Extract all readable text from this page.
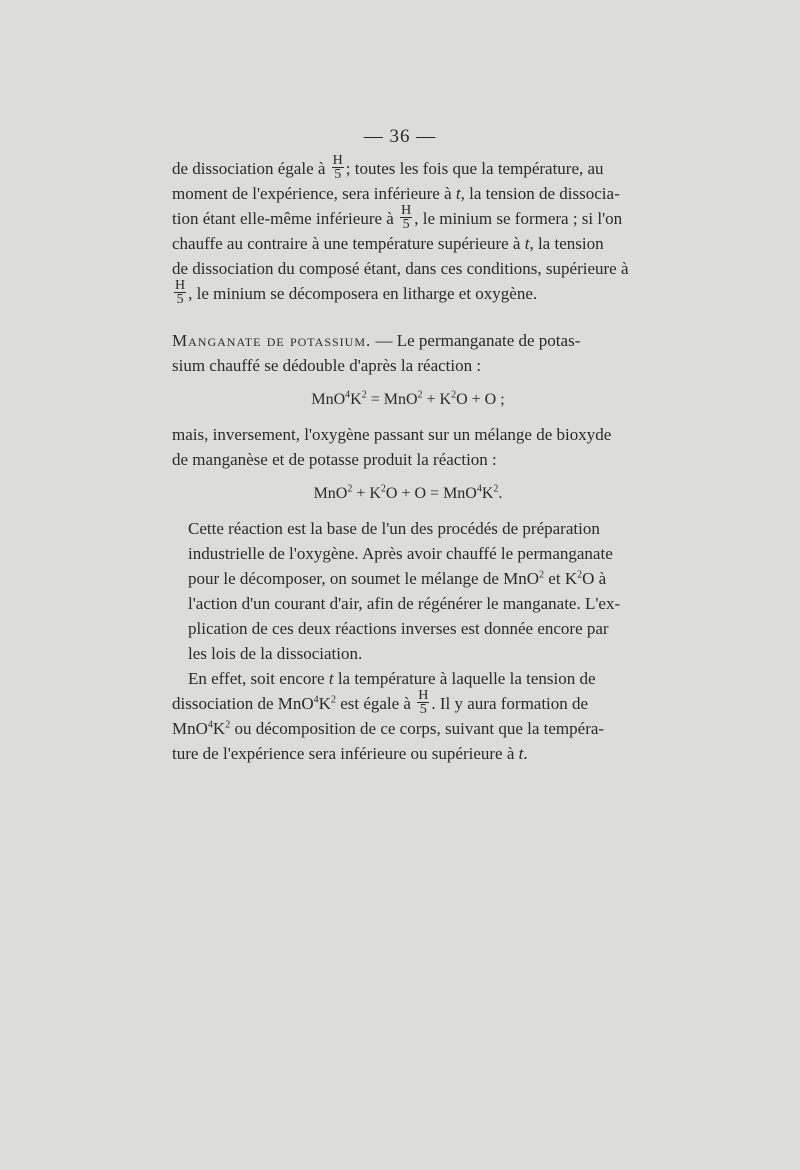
— 36 —

de dissociation égale à $\frac{H}{5}$ ; toutes les fois que la température, au
moment de l'expérience, sera inférieure à t, la tension de dissocia-
tion étant elle-même inférieure à $\frac{H}{5}$ , le minium se formera ; si l'on
chauffe au contraire à une température supérieure à t, la tension
de dissociation du composé étant, dans ces conditions, supérieure à
$\frac{H}{5}$ , le minium se décomposera en litharge et oxygène.

Manganate de potassium. — Le permanganate de potas-
sium chauffé se dédouble d'après la réaction :

$MnO^4K^2 = MnO^2 + K^2O + O$ ;

mais, inversement, l'oxygène passant sur un mélange de bioxyde
de manganèse et de potasse produit la réaction :

$MnO^2 + K^2O + O = MnO^4K^2$.

Cette réaction est la base de l'un des procédés de préparation
industrielle de l'oxygène. Après avoir chauffé le permanganate
pour le décomposer, on soumet le mélange de MnO$^2$ et $K^2O$ à
l'action d'un courant d'air, afin de régénérer le manganate. L'ex-
plication de ces deux réactions inverses est donnée encore par
les lois de la dissociation.

En effet, soit encore t la température à laquelle la tension de
dissociation de $MnO^4K^2$ est égale à $\frac{H}{5}$ . Il y aura formation de
$MnO^4K^2$ ou décomposition de ce corps, suivant que la tempéra-
ture de l'expérience sera inférieure ou supérieure à t.
